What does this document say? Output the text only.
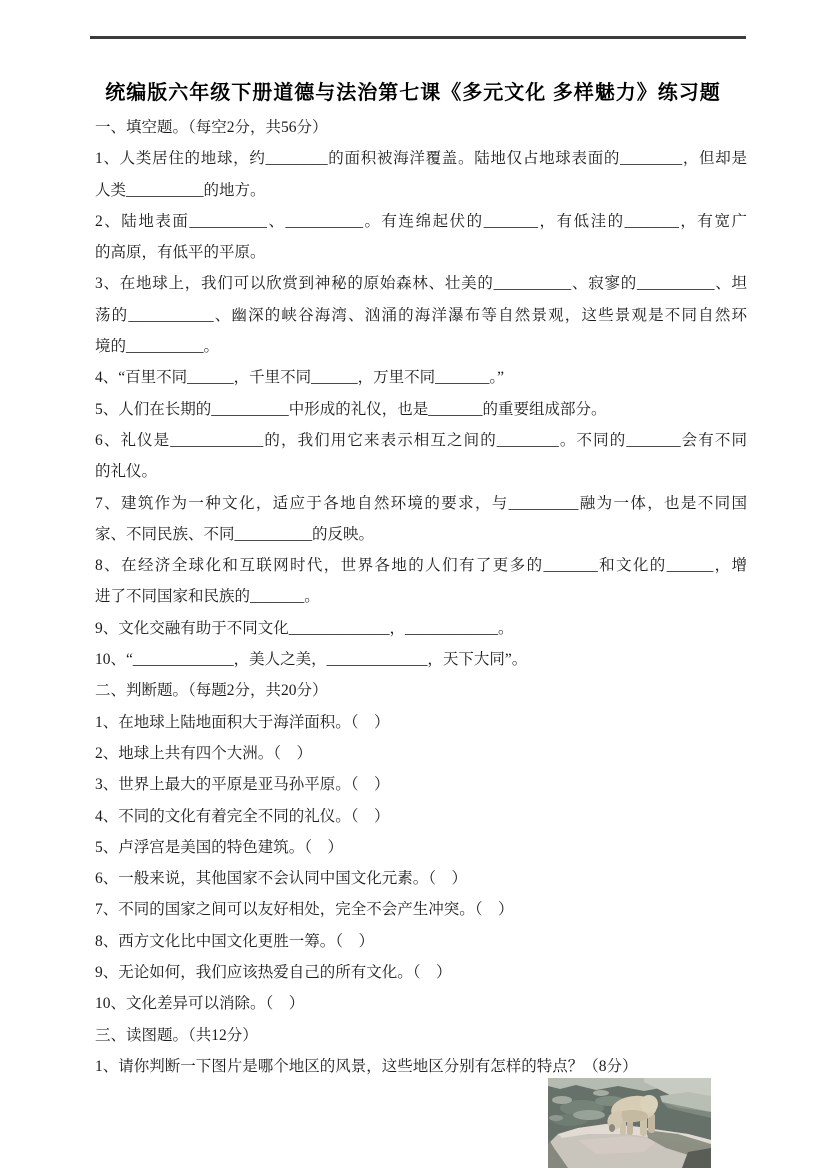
统编版六年级下册道德与法治第七课《多元文化 多样魅力》练习题
一、填空题。（每空2分，共56分）
1、人类居住的地球，约________的面积被海洋覆盖。陆地仅占地球表面的________，但却是
人类__________的地方。
2、陆地表面__________、__________。有连绵起伏的_______，有低洼的_______，有宽广
的高原，有低平的平原。
3、在地球上，我们可以欣赏到神秘的原始森林、壮美的__________、寂寥的__________、坦
荡的___________、幽深的峡谷海湾、汹涌的海洋瀑布等自然景观，这些景观是不同自然环
境的__________。
4、“百里不同______，千里不同______，万里不同_______。”
5、人们在长期的__________中形成的礼仪，也是_______的重要组成部分。
6、礼仪是____________的，我们用它来表示相互之间的________。不同的_______会有不同
的礼仪。
7、建筑作为一种文化，适应于各地自然环境的要求，与_________融为一体，也是不同国
家、不同民族、不同__________的反映。
8、在经济全球化和互联网时代，世界各地的人们有了更多的_______和文化的______，增
进了不同国家和民族的_______。
9、文化交融有助于不同文化_____________，____________。
10、“_____________，美人之美，_____________，天下大同”。
二、判断题。（每题2分，共20分）
1、在地球上陆地面积大于海洋面积。（　）
2、地球上共有四个大洲。（　）
3、世界上最大的平原是亚马孙平原。（　）
4、不同的文化有着完全不同的礼仪。（　）
5、卢浮宫是美国的特色建筑。（　）
6、一般来说，其他国家不会认同中国文化元素。（　）
7、不同的国家之间可以友好相处，完全不会产生冲突。（　）
8、西方文化比中国文化更胜一筹。（　）
9、无论如何，我们应该热爱自己的所有文化。（　）
10、文化差异可以消除。（　）
三、读图题。（共12分）
1、请你判断一下图片是哪个地区的风景，这些地区分别有怎样的特点？（8分）
